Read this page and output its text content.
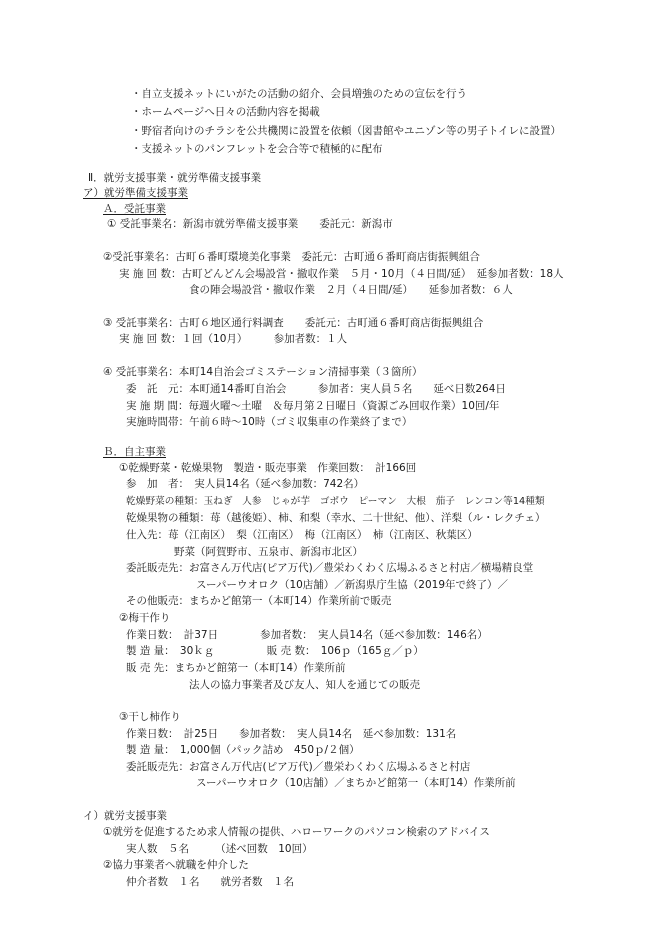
・自立支援ネットにいがたの活動の紹介、会員増強のための宣伝を行う
・ホームページへ日々の活動内容を掲載
・野宿者向けのチラシを公共機関に設置を依頼（図書館やユニゾン等の男子トイレに設置）
・支援ネットのパンフレットを会合等で積極的に配布
Ⅱ．就労支援事業・就労準備支援事業
ア）就労準備支援事業
Ａ．受託事業
① 受託事業名：新潟市就労準備支援事業　　委託元：新潟市
②受託事業名：古町６番町環境美化事業　委託元：古町通６番町商店街振興組合
実 施 回 数：古町どんどん会場設営・撤収作業　５月・10月（４日間/延）　延参加者数：18人
食の陣会場設営・撤収作業　２月（４日間/延）　　延参加者数：６人
③ 受託事業名：古町６地区通行料調査　　委託元：古町通６番町商店街振興組合
実 施 回 数：１回（10月）　　　参加者数：１人
④ 受託事業名：本町14自治会ゴミステーション清掃事業（３箇所）
委　託　元：本町通14番町自治会　　　参加者：実人員５名　　延べ日数264日
実 施 期 間：毎週火曜～土曜　＆毎月第２日曜日（資源ごみ回収作業）10回/年
実施時間帯：午前６時～10時（ゴミ収集車の作業終了まで）
Ｂ．自主事業
①乾燥野菜・乾燥果物　製造・販売事業　作業回数：　計166回
参　加　者：　実人員14名（延べ参加数：742名）
乾燥野菜の種類：玉ねぎ　人参　じゃが芋　ゴボウ　ピーマン　大根　茄子　レンコン等14種類
乾燥果物の種類：苺（越後姫）、柿、和梨（幸水、二十世紀、他）、洋梨（ル・レクチェ）
仕入先：苺（江南区）　梨（江南区）　梅（江南区）　柿（江南区、秋葉区）
野菜（阿賀野市、五泉市、新潟市北区）
委託販売先：お富さん万代店(ピア万代)／豊栄わくわく広場ふるさと村店／横場精良堂
スーパーウオロク（10店舗）／新潟県庁生協（2019年で終了）／
その他販売：まちかど館第一（本町14）作業所前で販売
②梅干作り
作業日数：　計37日　　　　参加者数：　実人員14名（延べ参加数：146名）
製 造 量：　30ｋｇ　　　　　販 売 数：　106ｐ（165ｇ／ｐ）
販 売 先：まちかど館第一（本町14）作業所前
法人の協力事業者及び友人、知人を通じての販売
③干し柿作り
作業日数：　計25日　　参加者数：　実人員14名　延べ参加数：131名
製 造 量：　1,000個（パック詰め　450ｐ/２個）
委託販売先：お富さん万代店(ピア万代)／豊栄わくわく広場ふるさと村店
スーパーウオロク（10店舗）／まちかど館第一（本町14）作業所前
イ）就労支援事業
①就労を促進するため求人情報の提供、ハローワークのパソコン検索のアドバイス
実人数　５名　　　（述べ回数　10回）
②協力事業者へ就職を仲介した
仲介者数　１名　　就労者数　１名
